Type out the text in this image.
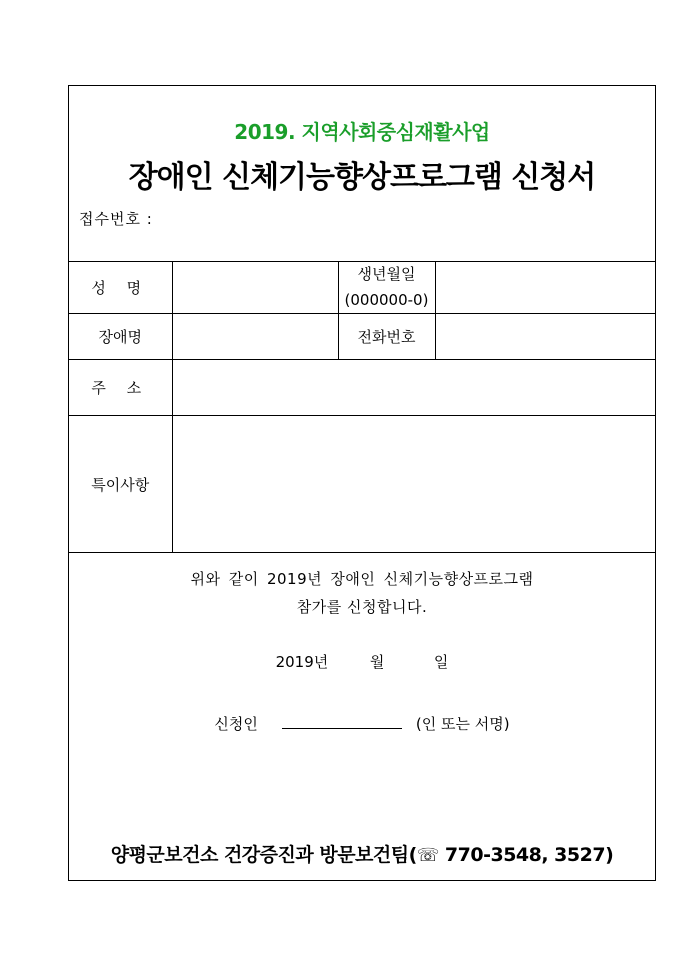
2019. 지역사회중심재활사업
장애인 신체기능향상프로그램 신청서
접수번호 :
성 명		생년월일
(000000-0)	

장애명		전화번호	
주 소			
특이사항			
위와 같이 2019년 장애인 신체기능향상프로그램
참가를 신청합니다.
2019년	월	일
신청인	(인 또는 서명)
양평군보건소 건강증진과 방문보건팀(☏ 770-3548, 3527)
